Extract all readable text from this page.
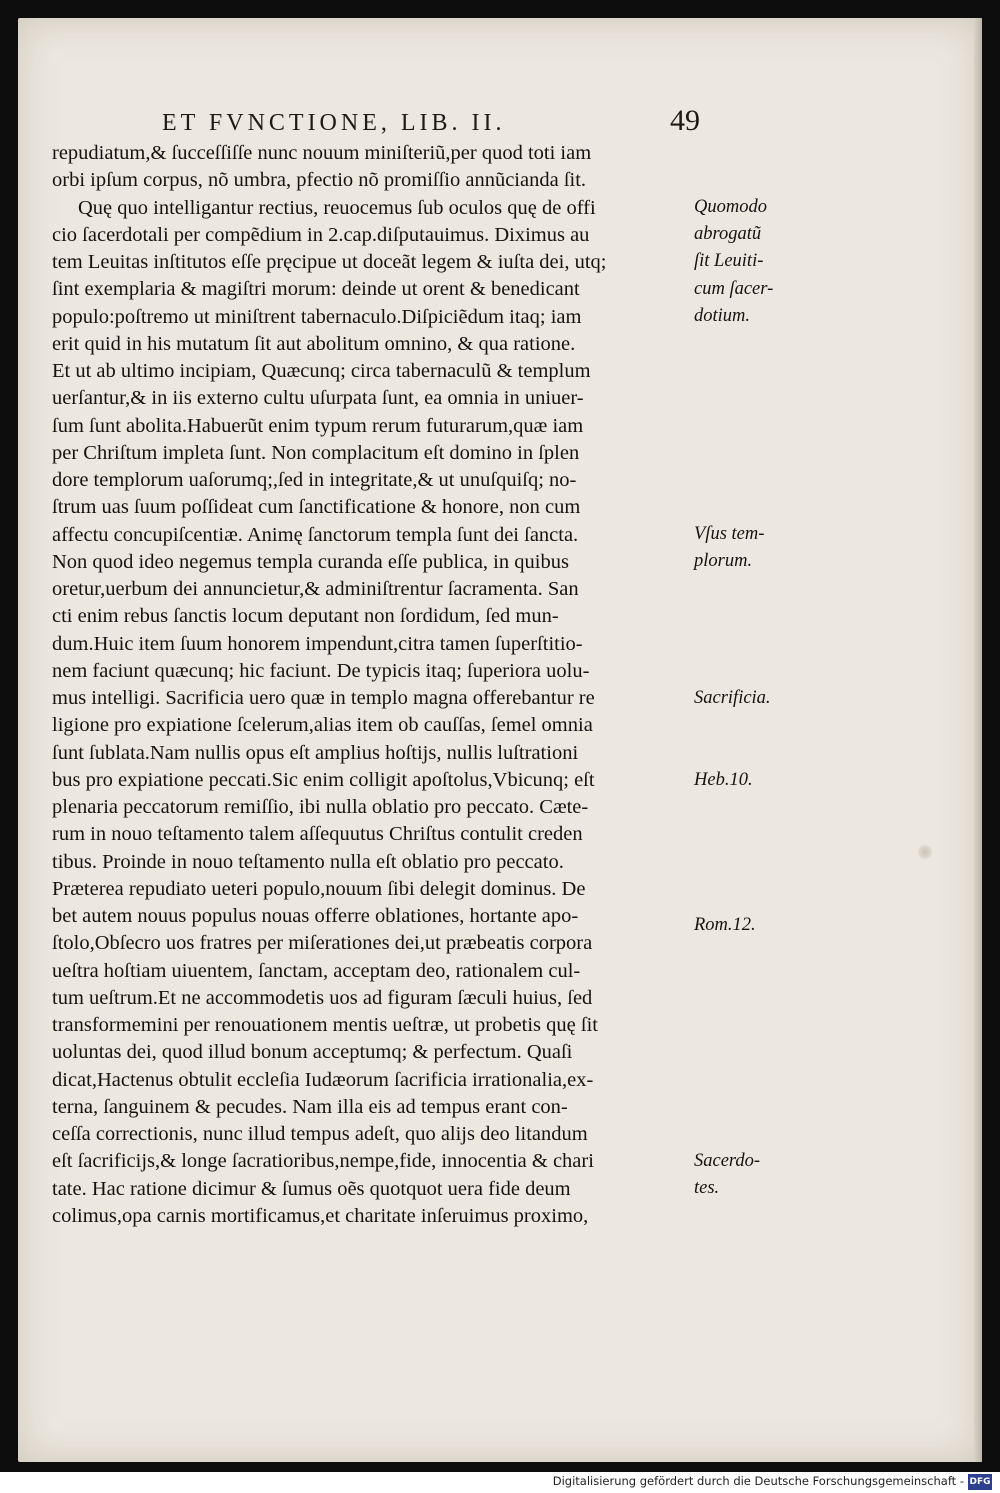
ET FVNCTIONE, LIB. II.	49
repudiatum,& ſucceſſiſſe nunc nouum miniſteriũ,per quod toti iam
orbi ipſum corpus, nõ umbra, pfectio nõ promiſſio annũcianda ſit.
Quę quo intelligantur rectius, reuocemus ſub oculos quę de offi
cio ſacerdotali per compẽdium in 2.cap.diſputauimus. Diximus au
tem Leuitas inſtitutos eſſe pręcipue ut doceãt legem & iuſta dei, utq;
ſint exemplaria & magiſtri morum: deinde ut orent & benedicant
populo:poſtremo ut miniſtrent tabernaculo.Diſpiciẽdum itaq; iam
erit quid in his mutatum ſit aut abolitum omnino, & qua ratione.
Et ut ab ultimo incipiam, Quæcunq; circa tabernaculũ & templum
uerſantur,& in iis externo cultu uſurpata ſunt, ea omnia in uniuer-
ſum ſunt abolita.Habuerũt enim typum rerum futurarum,quæ iam
per Chriſtum impleta ſunt. Non complacitum eſt domino in ſplen
dore templorum uaſorumq;,ſed in integritate,& ut unuſquiſq; no-
ſtrum uas ſuum poſſideat cum ſanctificatione & honore, non cum
affectu concupiſcentiæ. Animę ſanctorum templa ſunt dei ſancta.
Non quod ideo negemus templa curanda eſſe publica, in quibus
oretur,uerbum dei annuncietur,& adminiſtrentur ſacramenta. San
cti enim rebus ſanctis locum deputant non ſordidum, ſed mun-
dum.Huic item ſuum honorem impendunt,citra tamen ſuperſtitio-
nem faciunt quæcunq; hic faciunt. De typicis itaq; ſuperiora uolu-
mus intelligi. Sacrificia uero quæ in templo magna offerebantur re
ligione pro expiatione ſcelerum,alias item ob cauſſas, ſemel omnia
ſunt ſublata.Nam nullis opus eſt amplius hoſtijs, nullis luſtrationi
bus pro expiatione peccati.Sic enim colligit apoſtolus,Vbicunq; eſt
plenaria peccatorum remiſſio, ibi nulla oblatio pro peccato. Cæte-
rum in nouo teſtamento talem aſſequutus Chriſtus contulit creden
tibus. Proinde in nouo teſtamento nulla eſt oblatio pro peccato.
Præterea repudiato ueteri populo,nouum ſibi delegit dominus. De
bet autem nouus populus nouas offerre oblationes, hortante apo-
ſtolo,Obſecro uos fratres per miſerationes dei,ut præbeatis corpora
ueſtra hoſtiam uiuentem, ſanctam, acceptam deo, rationalem cul-
tum ueſtrum.Et ne accommodetis uos ad figuram ſæculi huius, ſed
transformemini per renouationem mentis ueſtræ, ut probetis quę ſit
uoluntas dei, quod illud bonum acceptumq; & perfectum. Quaſi
dicat,Hactenus obtulit eccleſia Iudæorum ſacrificia irrationalia,ex-
terna, ſanguinem & pecudes. Nam illa eis ad tempus erant con-
ceſſa correctionis, nunc illud tempus adeſt, quo alijs deo litandum
eſt ſacrificijs,& longe ſacratioribus,nempe,fide, innocentia & chari
tate. Hac ratione dicimur & ſumus oẽs quotquot uera fide deum
colimus,opa carnis mortificamus,et charitate inſeruimus proximo,
Quomodo
abrogatũ
ſit Leuiti-
cum ſacer-
dotium.
Vſus tem-
plorum.
Sacrificia.
Heb.10.
Rom.12.
Sacerdo-
tes.
Digitalisierung gefördert durch die Deutsche Forschungsgemeinschaft - DFG
